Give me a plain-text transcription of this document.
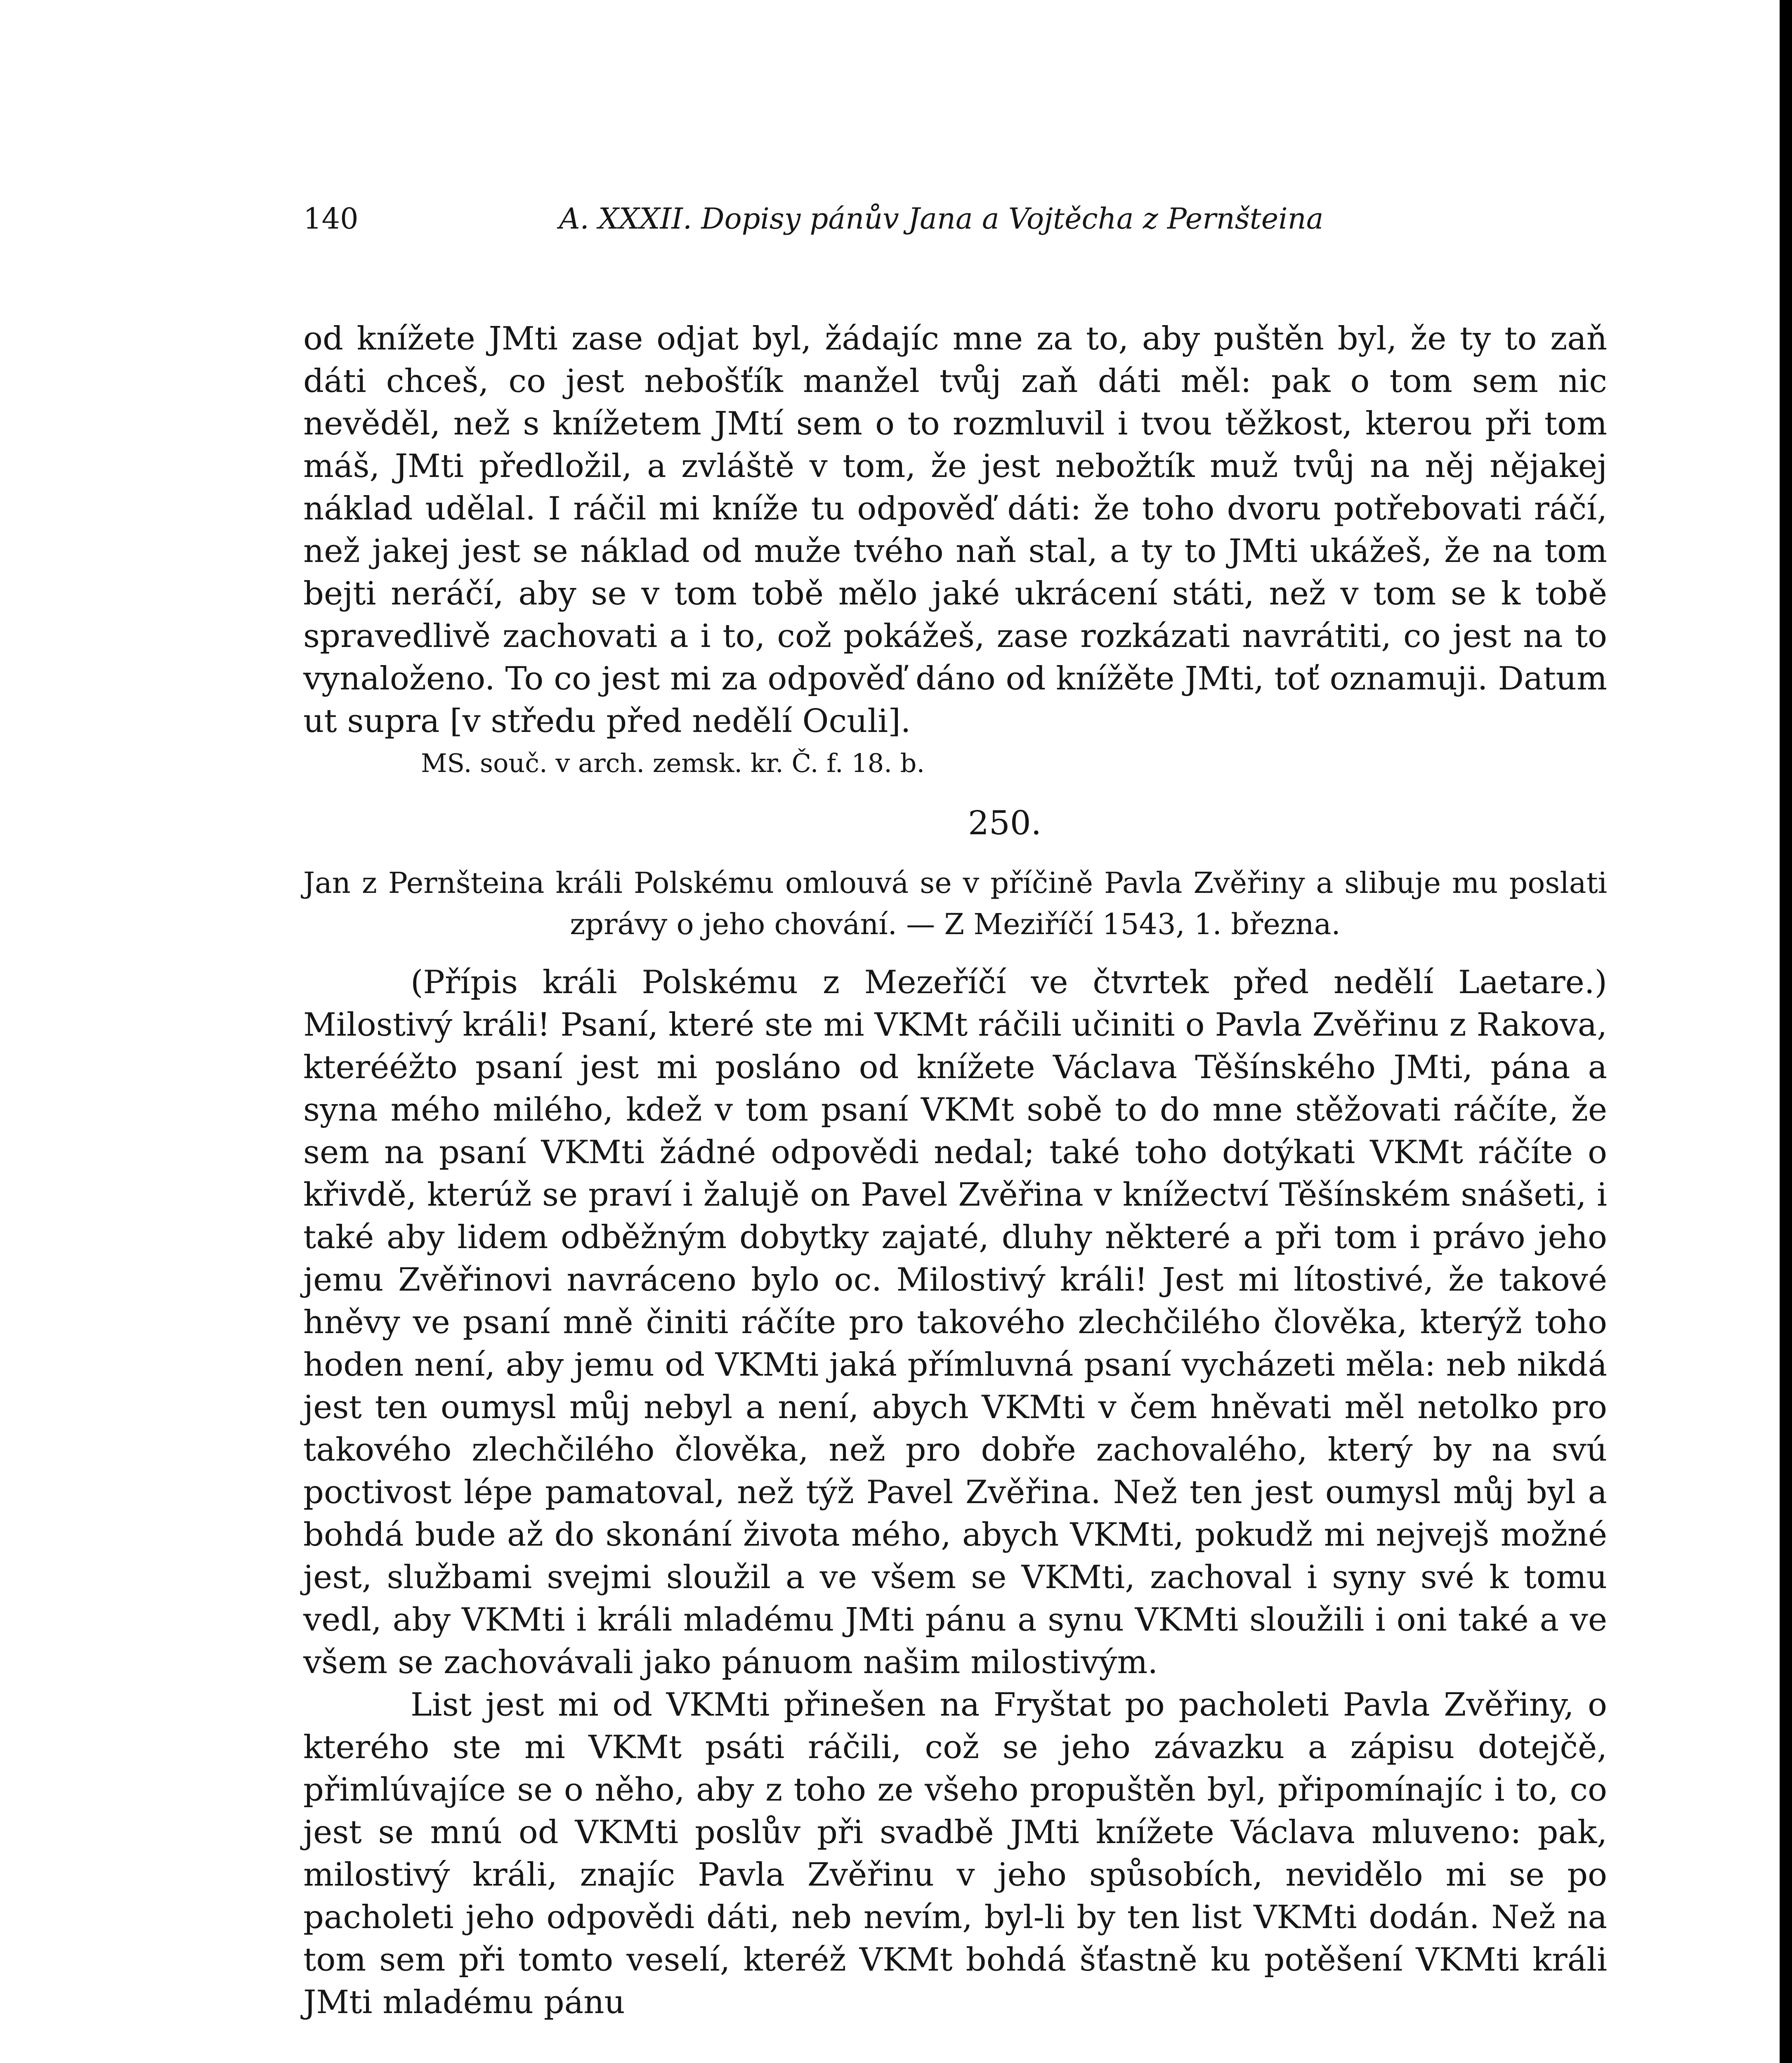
140	A. XXXII. Dopisy pánův Jana a Vojtěcha z Pernšteina

od knížete JMti zase odjat byl, žádajíc mne za to, aby puštěn byl, že ty to zaň dáti chceš, co jest nebošťík manžel tvůj zaň dáti měl: pak o tom sem nic nevěděl, než s knížetem JMtí sem o to rozmluvil i tvou těžkost, kterou při tom máš, JMti předložil, a zvláště v tom, že jest nebožtík muž tvůj na něj nějakej náklad udělal. I ráčil mi kníže tu odpověď dáti: že toho dvoru potřebovati ráčí, než jakej jest se náklad od muže tvého naň stal, a ty to JMti ukážeš, že na tom bejti neráčí, aby se v tom tobě mělo jaké ukrácení státi, než v tom se k tobě spravedlivě zachovati a i to, což pokážeš, zase rozkázati navrátiti, co jest na to vynaloženo. To co jest mi za odpověď dáno od knížěte JMti, toť oznamuji. Datum ut supra [v středu před nedělí Oculi].

MS. souč. v arch. zemsk. kr. Č. f. 18. b.
250.
Jan z Pernšteina králi Polskému omlouvá se v příčině Pavla Zvěřiny a slibuje mu poslati
zprávy o jeho chování. — Z Meziříčí 1543, 1. března.

(Přípis králi Polskému z Mezeříčí ve čtvrtek před nedělí Laetare.) Milostivý králi! Psaní, které ste mi VKMt ráčili učiniti o Pavla Zvěřinu z Rakova, kterééžto psaní jest mi posláno od knížete Václava Těšínského JMti, pána a syna mého milého, kdež v tom psaní VKMt sobě to do mne stěžovati ráčíte, že sem na psaní VKMti žádné odpovědi nedal; také toho dotýkati VKMt ráčíte o křivdě, kterúž se praví i žalujě on Pavel Zvěřina v knížectví Těšínském snášeti, i také aby lidem odběžným dobytky zajaté, dluhy některé a při tom i právo jeho jemu Zvěřinovi navráceno bylo oc. Milostivý králi! Jest mi lítostivé, že takové hněvy ve psaní mně činiti ráčíte pro takového zlechčilého člověka, kterýž toho hoden není, aby jemu od VKMti jaká přímluvná psaní vycházeti měla: neb nikdá jest ten oumysl můj nebyl a není, abych VKMti v čem hněvati měl netolko pro takového zlechčilého člověka, než pro dobře zachovalého, který by na svú poctivost lépe pamatoval, než týž Pavel Zvěřina. Než ten jest oumysl můj byl a bohdá bude až do skonání života mého, abych VKMti, pokudž mi nejvejš možné jest, službami svejmi sloužil a ve všem se VKMti, zachoval i syny své k tomu vedl, aby VKMti i králi mladému JMti pánu a synu VKMti sloužili i oni také a ve všem se zachovávali jako pánuom našim milostivým.

List jest mi od VKMti přinešen na Fryštat po pacholeti Pavla Zvěřiny, o kterého ste mi VKMt psáti ráčili, což se jeho závazku a zápisu dotejčě, přimlúvajíce se o něho, aby z toho ze všeho propuštěn byl, připomínajíc i to, co jest se mnú od VKMti poslův při svadbě JMti knížete Václava mluveno: pak, milostivý králi, znajíc Pavla Zvěřinu v jeho spůsobích, nevidělo mi se po pacholeti jeho odpovědi dáti, neb nevím, byl-li by ten list VKMti dodán. Než na tom sem při tomto veselí, kteréž VKMt bohdá šťastně ku potěšení VKMti králi JMti mladému pánu
